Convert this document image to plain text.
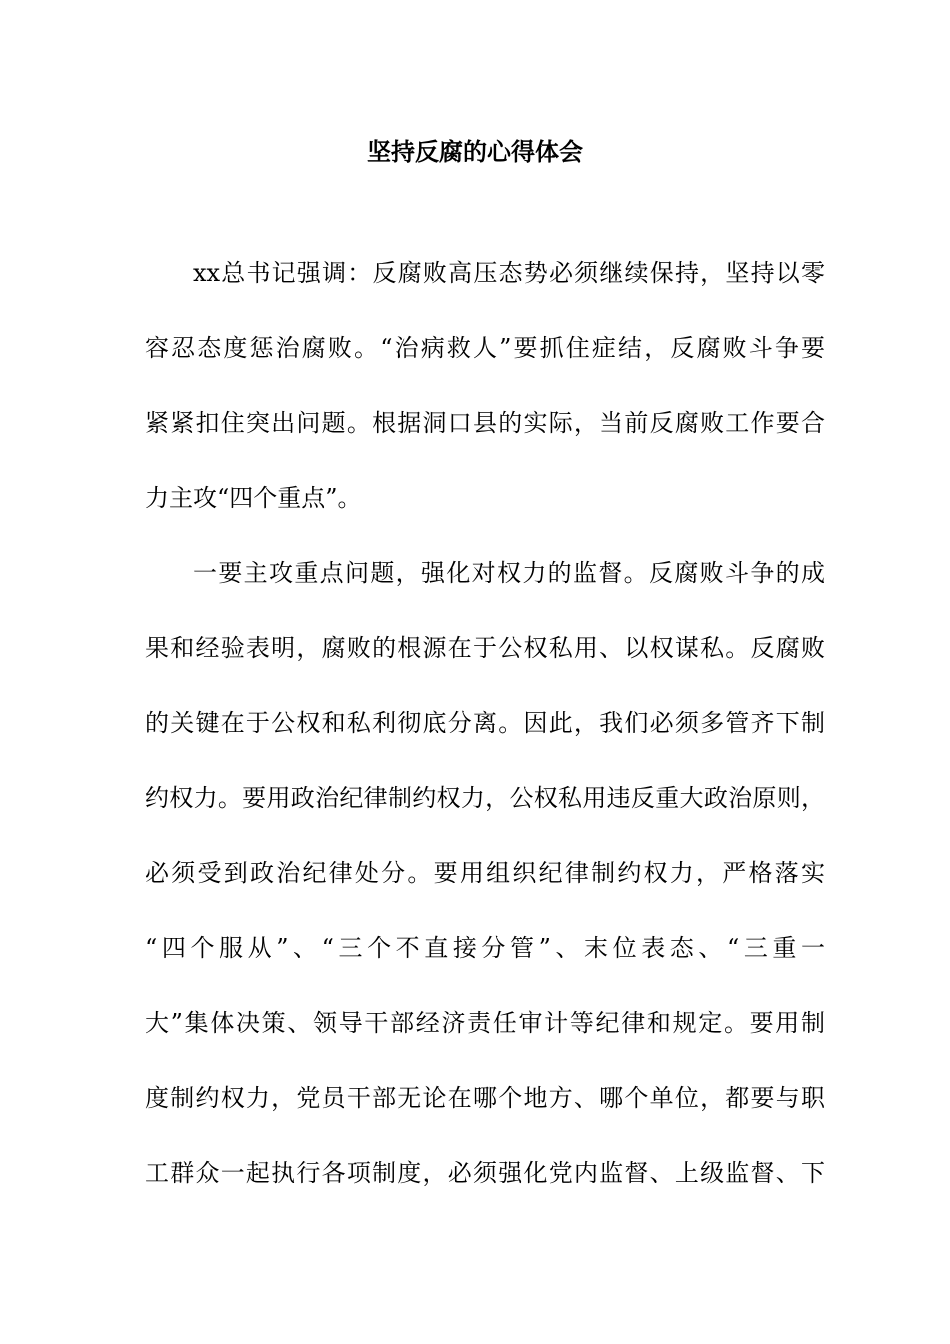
坚持反腐的心得体会

xx总书记强调：反腐败高压态势必须继续保持，坚持以零

容忍态度惩治腐败。“治病救人”要抓住症结，反腐败斗争要

紧紧扣住突出问题。根据洞口县的实际，当前反腐败工作要合

力主攻“四个重点”。

一要主攻重点问题，强化对权力的监督。反腐败斗争的成

果和经验表明，腐败的根源在于公权私用、以权谋私。反腐败

的关键在于公权和私利彻底分离。因此，我们必须多管齐下制

约权力。要用政治纪律制约权力，公权私用违反重大政治原则，

必须受到政治纪律处分。要用组织纪律制约权力，严格落实

“四个服从”、“三个不直接分管”、末位表态、“三重一

大”集体决策、领导干部经济责任审计等纪律和规定。要用制

度制约权力，党员干部无论在哪个地方、哪个单位，都要与职

工群众一起执行各项制度，必须强化党内监督、上级监督、下
